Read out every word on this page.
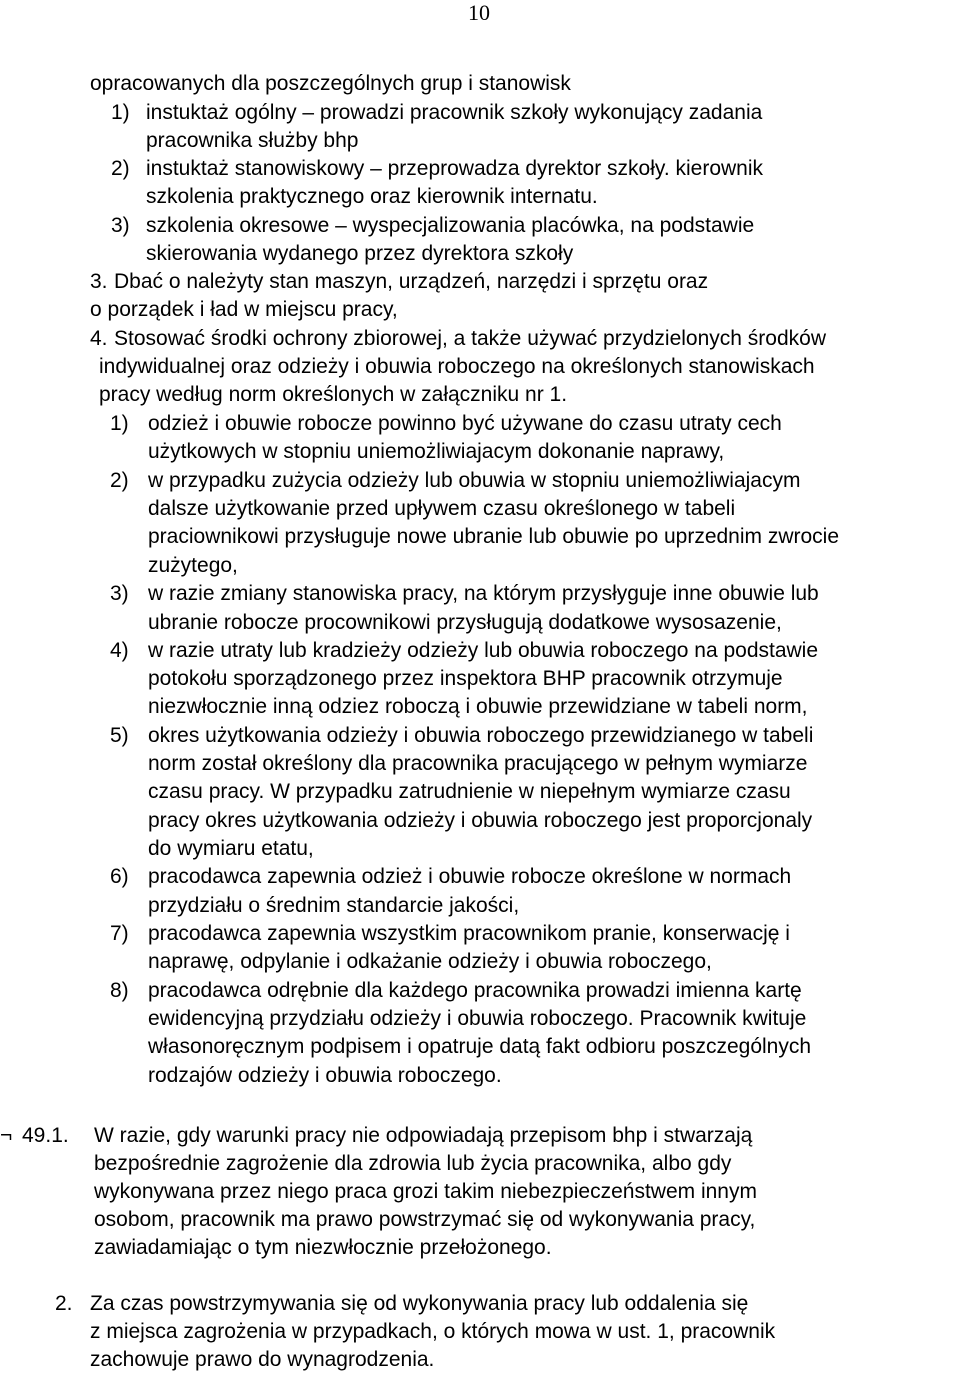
10
opracowanych dla poszczególnych grup i stanowisk
1) instuktaż ogólny – prowadzi pracownik szkoły wykonujący zadania
pracownika służby bhp
2) instuktaż stanowiskowy – przeprowadza dyrektor szkoły. kierownik
szkolenia praktycznego oraz kierownik internatu.
3) szkolenia okresowe – wyspecjalizowania placówka, na podstawie
skierowania wydanego przez dyrektora szkoły
3. Dbać o należyty stan maszyn, urządzeń, narzędzi i sprzętu oraz
o porządek i ład w miejscu pracy,
4. Stosować środki ochrony zbiorowej, a także używać przydzielonych środków
indywidualnej oraz odzieży i obuwia roboczego na określonych stanowiskach
pracy według norm określonych w załączniku nr 1.
1) odzież i obuwie robocze powinno być używane do czasu utraty cech
użytkowych w stopniu uniemożliwiajacym dokonanie naprawy,
2) w przypadku zużycia odzieży lub obuwia w stopniu uniemożliwiajacym
dalsze użytkowanie przed upływem czasu określonego w tabeli
praciownikowi przysługuje nowe ubranie lub obuwie po uprzednim zwrocie
zużytego,
3) w razie zmiany stanowiska pracy, na którym przysłyguje inne obuwie lub
ubranie robocze procownikowi przysługują dodatkowe wysosazenie,
4) w razie utraty lub kradzieży odzieży lub obuwia roboczego na podstawie
potokołu sporządzonego przez inspektora BHP pracownik otrzymuje
niezwłocznie inną odziez roboczą i obuwie przewidziane w tabeli norm,
5) okres użytkowania odzieży i obuwia roboczego przewidzianego w tabeli
norm został określony dla pracownika pracującego w pełnym wymiarze
czasu pracy. W przypadku zatrudnienie w niepełnym wymiarze czasu
pracy okres użytkowania odzieży i obuwia roboczego jest proporcjonaly
do wymiaru etatu,
6) pracodawca zapewnia odzież i obuwie robocze określone w normach
przydziału o średnim standarcie jakości,
7) pracodawca zapewnia wszystkim pracownikom pranie, konserwację i
naprawę, odpylanie i odkażanie odzieży i obuwia roboczego,
8) pracodawca odrębnie dla każdego pracownika prowadzi imienna kartę
ewidencyjną przydziału odzieży i obuwia roboczego. Pracownik kwituje
własonoręcznym podpisem i opatruje datą fakt odbioru poszczególnych
rodzajów odzieży i obuwia roboczego.
¬ 49.1. W razie, gdy warunki pracy nie odpowiadają przepisom bhp i stwarzają
bezpośrednie zagrożenie dla zdrowia lub życia pracownika, albo gdy
wykonywana przez niego praca grozi takim niebezpieczeństwem innym
osobom, pracownik ma prawo powstrzymać się od wykonywania pracy,
zawiadamiając o tym niezwłocznie przełożonego.
2. Za czas powstrzymywania się od wykonywania pracy lub oddalenia się
z miejsca zagrożenia w przypadkach, o których mowa w ust. 1, pracownik
zachowuje prawo do wynagrodzenia.
